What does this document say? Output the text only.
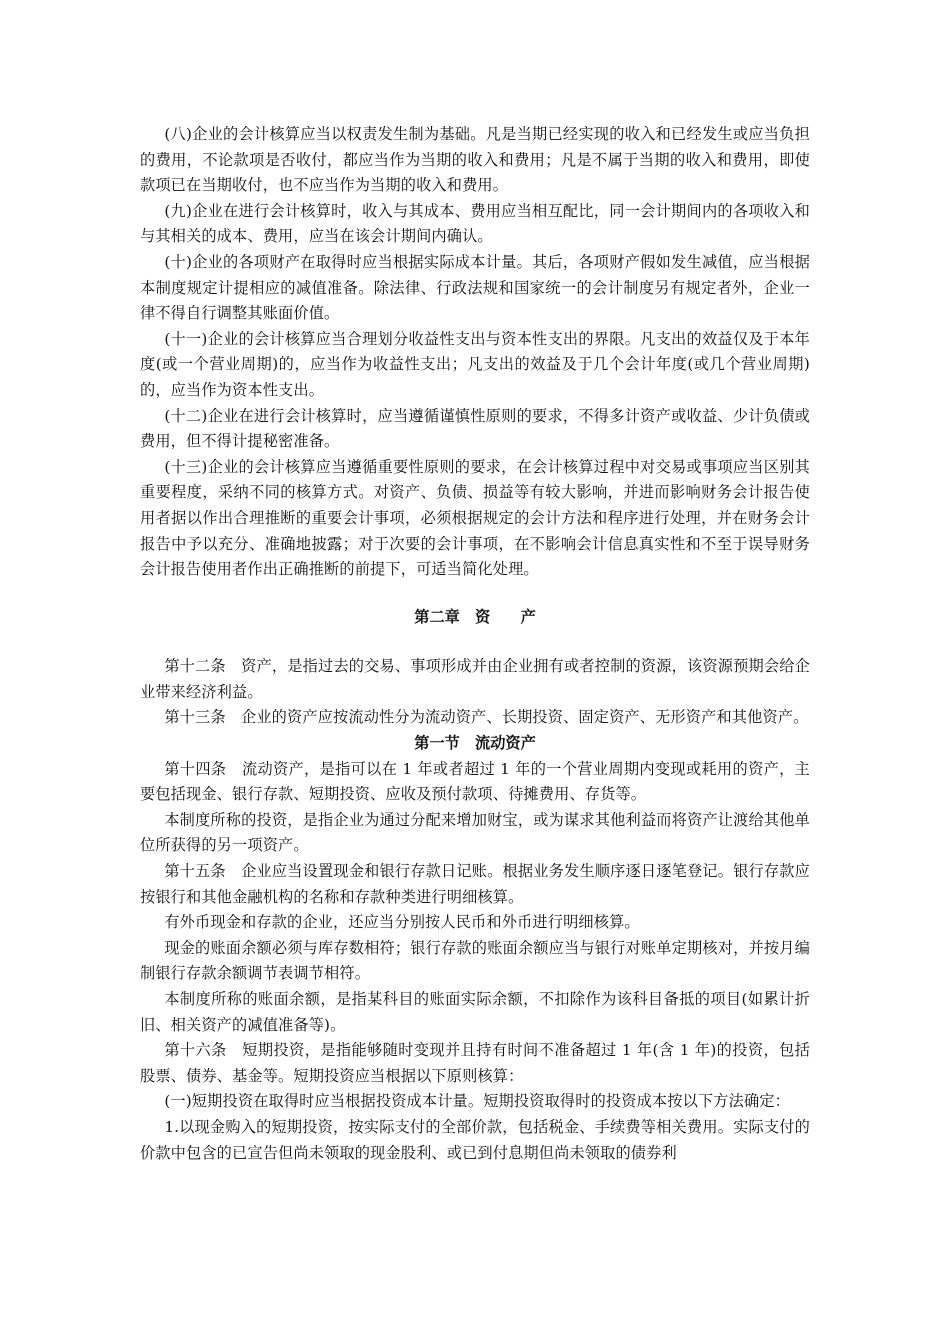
(八)企业的会计核算应当以权责发生制为基础。凡是当期已经实现的收入和已经发生或应当负担的费用，不论款项是否收付，都应当作为当期的收入和费用；凡是不属于当期的收入和费用，即使款项已在当期收付，也不应当作为当期的收入和费用。

(九)企业在进行会计核算时，收入与其成本、费用应当相互配比，同一会计期间内的各项收入和与其相关的成本、费用，应当在该会计期间内确认。

(十)企业的各项财产在取得时应当根据实际成本计量。其后，各项财产假如发生减值，应当根据本制度规定计提相应的减值准备。除法律、行政法规和国家统一的会计制度另有规定者外，企业一律不得自行调整其账面价值。

(十一)企业的会计核算应当合理划分收益性支出与资本性支出的界限。凡支出的效益仅及于本年度(或一个营业周期)的，应当作为收益性支出；凡支出的效益及于几个会计年度(或几个营业周期)的，应当作为资本性支出。

(十二)企业在进行会计核算时，应当遵循谨慎性原则的要求，不得多计资产或收益、少计负债或费用，但不得计提秘密准备。

(十三)企业的会计核算应当遵循重要性原则的要求，在会计核算过程中对交易或事项应当区别其重要程度，采纳不同的核算方式。对资产、负债、损益等有较大影响，并进而影响财务会计报告使用者据以作出合理推断的重要会计事项，必须根据规定的会计方法和程序进行处理，并在财务会计报告中予以充分、准确地披露；对于次要的会计事项，在不影响会计信息真实性和不至于误导财务会计报告使用者作出正确推断的前提下，可适当简化处理。

第二章　资　　产

第十二条　资产，是指过去的交易、事项形成并由企业拥有或者控制的资源，该资源预期会给企业带来经济利益。

第十三条　企业的资产应按流动性分为流动资产、长期投资、固定资产、无形资产和其他资产。

第一节　流动资产

第十四条　流动资产，是指可以在 1 年或者超过 1 年的一个营业周期内变现或耗用的资产，主要包括现金、银行存款、短期投资、应收及预付款项、待摊费用、存货等。

本制度所称的投资，是指企业为通过分配来增加财宝，或为谋求其他利益而将资产让渡给其他单位所获得的另一项资产。

第十五条　企业应当设置现金和银行存款日记账。根据业务发生顺序逐日逐笔登记。银行存款应按银行和其他金融机构的名称和存款种类进行明细核算。

有外币现金和存款的企业，还应当分别按人民币和外币进行明细核算。

现金的账面余额必须与库存数相符；银行存款的账面余额应当与银行对账单定期核对，并按月编制银行存款余额调节表调节相符。

本制度所称的账面余额，是指某科目的账面实际余额，不扣除作为该科目备抵的项目(如累计折旧、相关资产的减值准备等)。

第十六条　短期投资，是指能够随时变现并且持有时间不准备超过 1 年(含 1 年)的投资，包括股票、债券、基金等。短期投资应当根据以下原则核算：

(一)短期投资在取得时应当根据投资成本计量。短期投资取得时的投资成本按以下方法确定：

1.以现金购入的短期投资，按实际支付的全部价款，包括税金、手续费等相关费用。实际支付的价款中包含的已宣告但尚未领取的现金股利、或已到付息期但尚未领取的债券利
